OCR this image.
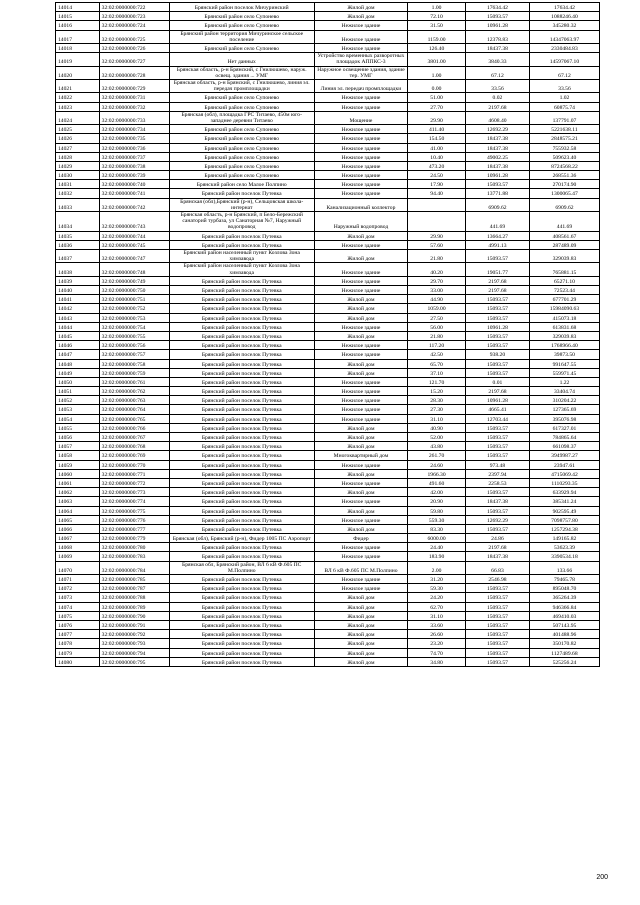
14014	32:02:0000000:722	Брянский район поселок Мичуринский	Жилой дом	1.00	17634.42	17634.42
14015	32:02:0000000:723	Брянский район село Супонево	Жилой дом	72.10	15093.57	1088246.40
14016	32:02:0000000:724	Брянский район село Супонево	Нежилое здание	31.50	10961.28	345280.32
14017	32:02:0000000:725	Брянский район территория Мичуринское сельское поселение	Нежилое здание	1159.00	12378.83	14347063.97
14018	32:02:0000000:726	Брянский район село Супонево	Нежилое здание	126.40	18437.38	2330484.83
14019	32:02:0000000:727	Нет данных	Устройство временных разворотных площадок АППКС-3	3801.00	3840.33	14597067.10
14020	32:02:0000000:728	Брянская область, р-н Брянский, с Гнилюшево, наруж. освещ. здания ... УМГ	Наружное освещение здания, здание тер. УМГ	1.00	67.12	67.12
14021	32:02:0000000:729	Брянская область, р-н Брянский, с Гнилюшево, линия эл. передач промплощадки	Линия эл. передач промплощадки	0.00	33.56	33.56
14022	32:02:0000000:731	Брянский район село Супонево	Нежилое здание	51.00	0.02	1.02
14023	32:02:0000000:732	Брянский район село Супонево	Нежилое здание	27.70	2197.68	60875.74
14024	32:02:0000000:733	Брянская (обл), площадка ГРС Титаево, 450м юго-западнее деревни Титаево	Мощение	29.90	4608.40	137791.07
14025	32:02:0000000:734	Брянский район село Супонево	Нежилое здание	411.40	12692.29	5221638.11
14026	32:02:0000000:735	Брянский район село Супонево	Нежилое здание	154.50	18437.38	2848575.21
14027	32:02:0000000:736	Брянский район село Супонево	Нежилое здание	41.00	18437.38	755932.58
14028	32:02:0000000:737	Брянский район село Супонево	Нежилое здание	10.40	49002.25	509623.40
14029	32:02:0000000:738	Брянский район село Супонево	Нежилое здание	473.20	18437.38	8724568.22
14030	32:02:0000000:739	Брянский район село Супонево	Нежилое здание	24.50	10961.28	268551.36
14031	32:02:0000000:740	Брянский район село Малое Полпино	Нежилое здание	17.90	15093.57	270174.90
14032	32:02:0000000:741	Брянский район поселок Путевка	Нежилое здание	94.40	13771.88	1300065.47
14033	32:02:0000000:742	Брянская (обл),Брянский (р-н), Сельцовская школа-интернат	Канализационный коллектор		6909.62	6909.62
14034	32:02:0000000:743	Брянская область, р-н Брянский, п Бело-Бережский санаторий турбаза, ул Санаторная №7, Наружный водопровод	Наружный водопровод		441.69	441.69
14035	32:02:0000000:744	Брянский район поселок Путевка	Жилой дом	29.90	13664.27	408561.67
14036	32:02:0000000:745	Брянский район поселок Путевка	Нежилое здание	57.60	4991.13	287489.09
14037	32:02:0000000:747	Брянский район населенный пункт Козлова Зона химзавода	Жилой дом	21.80	15093.57	329039.83
14038	32:02:0000000:748	Брянский район населенный пункт Козлова Зона химзавода	Нежилое здание	40.20	19051.77	765881.15
14039	32:02:0000000:749	Брянский район поселок Путевка	Нежилое здание	29.70	2197.68	65271.10
14040	32:02:0000000:750	Брянский район поселок Путевка	Нежилое здание	33.00	2197.68	72523.44
14041	32:02:0000000:751	Брянский район поселок Путевка	Жилой дом	44.90	15093.57	677701.29
14042	32:02:0000000:752	Брянский район поселок Путевка	Жилой дом	1059.00	15093.57	15984090.63
14043	32:02:0000000:753	Брянский район поселок Путевка	Жилой дом	27.50	15093.57	415073.18
14044	32:02:0000000:754	Брянский район поселок Путевка	Нежилое здание	56.00	10961.28	613831.68
14045	32:02:0000000:755	Брянский район поселок Путевка	Жилой дом	21.80	15093.57	329039.83
14046	32:02:0000000:756	Брянский район поселок Путевка	Нежилое здание	117.20	15093.57	1768966.40
14047	32:02:0000000:757	Брянский район поселок Путевка	Нежилое здание	42.50	938.20	39873.50
14048	32:02:0000000:758	Брянский район поселок Путевка	Жилой дом	65.70	15093.57	991647.55
14049	32:02:0000000:759	Брянский район поселок Путевка	Жилой дом	37.10	15093.57	559971.45
14050	32:02:0000000:761	Брянский район поселок Путевка	Нежилое здание	121.70	0.01	1.22
14051	32:02:0000000:762	Брянский район поселок Путевка	Нежилое здание	15.20	2197.68	33404.74
14052	32:02:0000000:763	Брянский район поселок Путевка	Нежилое здание	28.30	10961.28	310204.22
14053	32:02:0000000:764	Брянский район поселок Путевка	Нежилое здание	27.30	4665.41	127365.69
14054	32:02:0000000:765	Брянский район поселок Путевка	Нежилое здание	31.10	12703.44	395076.98
14055	32:02:0000000:766	Брянский район поселок Путевка	Жилой дом	40.90	15093.57	617327.01
14056	32:02:0000000:767	Брянский район поселок Путевка	Жилой дом	52.00	15093.57	784865.64
14057	32:02:0000000:768	Брянский район поселок Путевка	Жилой дом	43.80	15093.57	661098.37
14058	32:02:0000000:769	Брянский район поселок Путевка	Многоквартирный дом	261.70	15093.57	3949987.27
14059	32:02:0000000:770	Брянский район поселок Путевка	Нежилое здание	24.60	973.48	23947.61
14060	32:02:0000000:771	Брянский район поселок Путевка	Жилой дом	1966.30	2397.94	4715069.42
14061	32:02:0000000:772	Брянский район поселок Путевка	Нежилое здание	491.60	2258.53	1110293.35
14062	32:02:0000000:773	Брянский район поселок Путевка	Жилой дом	42.00	15093.57	633929.94
14063	32:02:0000000:774	Брянский район поселок Путевка	Нежилое здание	20.90	18437.38	385341.24
14064	32:02:0000000:775	Брянский район поселок Путевка	Жилой дом	59.80	15093.57	902595.49
14065	32:02:0000000:776	Брянский район поселок Путевка	Нежилое здание	559.30	12692.29	7098757.80
14066	32:02:0000000:777	Брянский район поселок Путевка	Жилой дом	83.30	15093.57	1257294.38
14067	32:02:0000000:779	Брянская (обл), Брянский (р-н), Фидер 1005 ПС Аэропорт	Фидер	6000.00	24.86	149165.82
14068	32:02:0000000:780	Брянский район поселок Путевка	Нежилое здание	24.40	2197.68	53623.39
14069	32:02:0000000:783	Брянский район поселок Путевка	Нежилое здание	183.90	18437.38	3390534.18
14070	32:02:0000000:784	Брянская обл, Брянский район, ВЛ 6 кВ Ф.605 ПС М.Полпино	ВЛ 6 кВ Ф.605 ПС М.Полпино	2.00	66.83	133.66
14071	32:02:0000000:785	Брянский район поселок Путевка	Нежилое здание	31.20	2546.98	79465.78
14072	32:02:0000000:787	Брянский район поселок Путевка	Нежилое здание	59.30	15093.57	895048.70
14073	32:02:0000000:788	Брянский район поселок Путевка	Жилой дом	24.20	15093.57	365264.39
14074	32:02:0000000:789	Брянский район поселок Путевка	Жилой дом	62.70	15093.57	946366.84
14075	32:02:0000000:790	Брянский район поселок Путевка	Жилой дом	31.10	15093.57	469410.03
14076	32:02:0000000:791	Брянский район поселок Путевка	Жилой дом	33.60	15093.57	507143.95
14077	32:02:0000000:792	Брянский район поселок Путевка	Жилой дом	26.60	15093.57	401488.96
14078	32:02:0000000:793	Брянский район поселок Путевка	Жилой дом	23.20	15093.57	350170.82
14079	32:02:0000000:794	Брянский район поселок Путевка	Жилой дом	74.70	15093.57	1127489.68
14080	32:02:0000000:795	Брянский район поселок Путевка	Жилой дом	34.80	15093.57	525256.24
200
